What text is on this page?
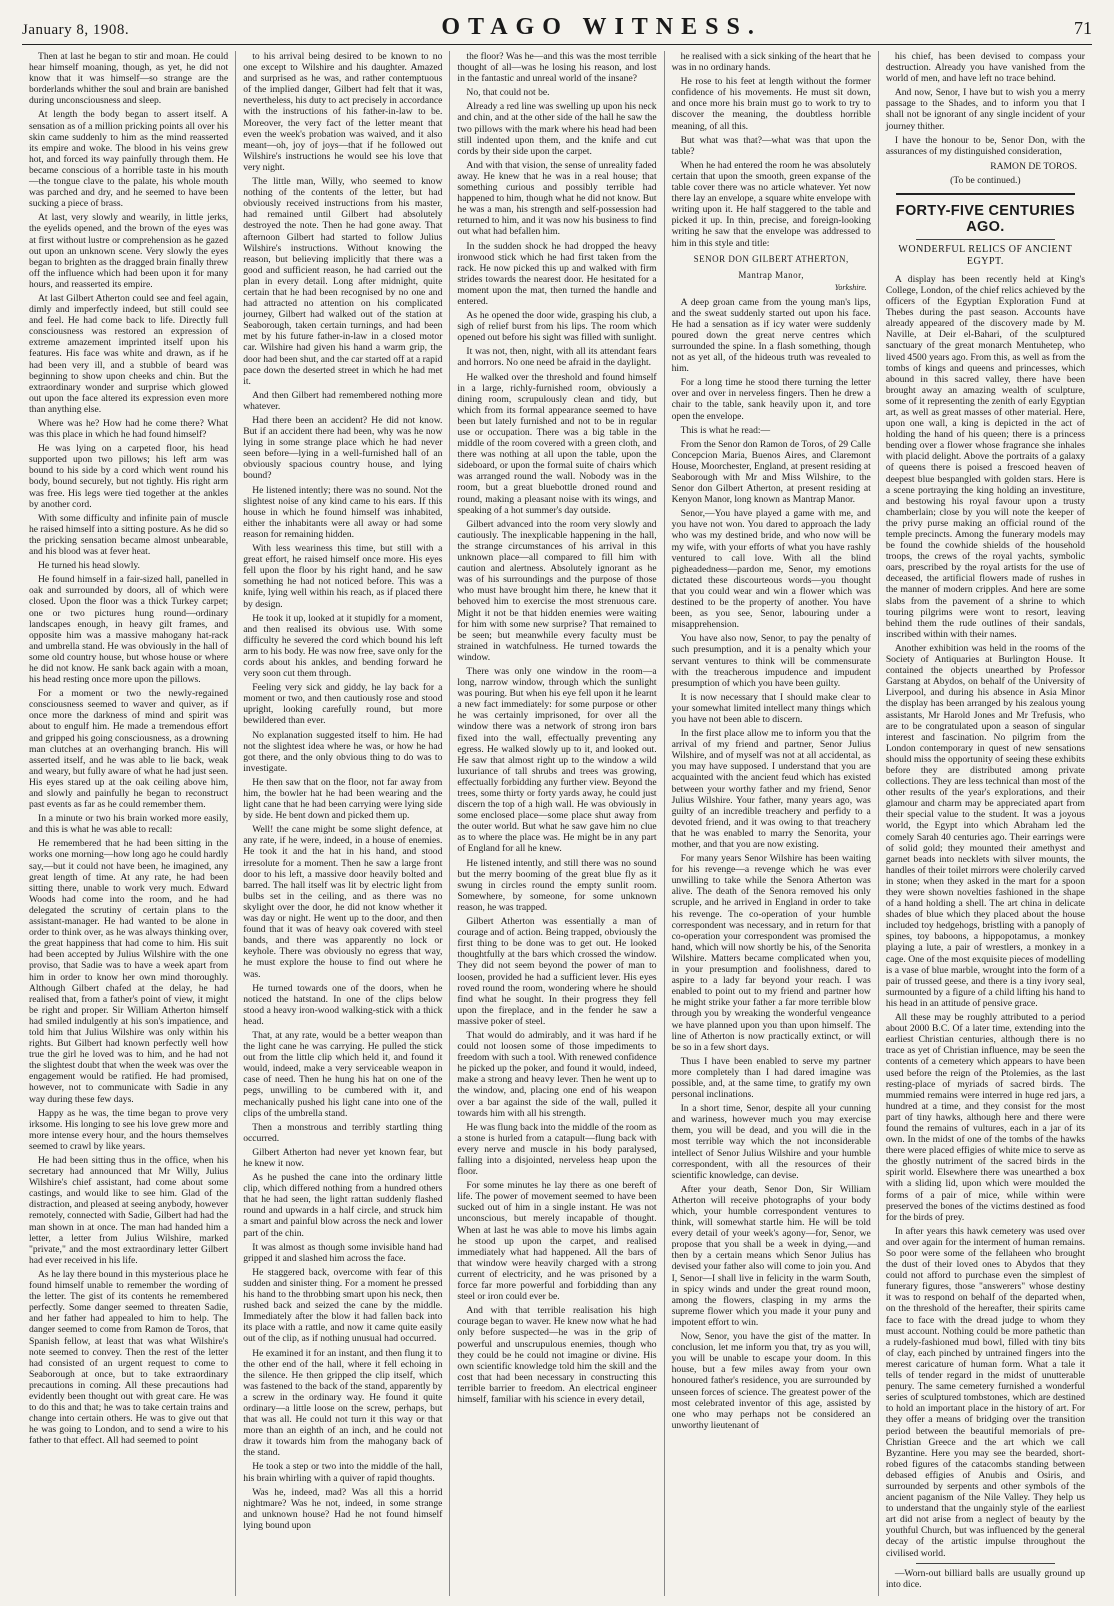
January 8, 1908.	OTAGO WITNESS.	71

Then at last he began to stir and moan. He could hear himself moaning, though, as yet, he did not know that it was himself—so strange are the borderlands whither the soul and brain are banished during unconsciousness and sleep.

At length the body began to assert itself. A sensation as of a million pricking points all over his skin came suddenly to him as the mind reasserted its empire and woke. The blood in his veins grew hot, and forced its way painfully through them. He became conscious of a horrible taste in his mouth—the tongue clave to the palate, his whole mouth was parched and dry, and he seemed to have been sucking a piece of brass.

At last, very slowly and wearily, in little jerks, the eyelids opened, and the brown of the eyes was at first without lustre or comprehension as he gazed out upon an unknown scene. Very slowly the eyes began to brighten as the dragged brain finally threw off the influence which had been upon it for many hours, and reasserted its empire.

At last Gilbert Atherton could see and feel again, dimly and imperfectly indeed, but still could see and feel. He had come back to life. Directly full consciousness was restored an expression of extreme amazement imprinted itself upon his features. His face was white and drawn, as if he had been very ill, and a stubble of beard was beginning to show upon cheeks and chin. But the extraordinary wonder and surprise which glowed out upon the face altered its expression even more than anything else.

Where was he? How had he come there? What was this place in which he had found himself?

He was lying on a carpeted floor, his head supported upon two pillows; his left arm was bound to his side by a cord which went round his body, bound securely, but not tightly. His right arm was free. His legs were tied together at the ankles by another cord.

With some difficulty and infinite pain of muscle he raised himself into a sitting posture. As he did so the pricking sensation became almost unbearable, and his blood was at fever heat.

He turned his head slowly.

He found himself in a fair-sized hall, panelled in oak and surrounded by doors, all of which were closed. Upon the floor was a thick Turkey carpet; one or two pictures hung round—ordinary landscapes enough, in heavy gilt frames, and opposite him was a massive mahogany hat-rack and umbrella stand. He was obviously in the hall of some old country house, but whose house or where he did not know. He sank back again with a moan, his head resting once more upon the pillows.

For a moment or two the newly-regained consciousness seemed to waver and quiver, as if once more the darkness of mind and spirit was about to engulf him. He made a tremendous effort and gripped his going consciousness, as a drowning man clutches at an overhanging branch. His will asserted itself, and he was able to lie back, weak and weary, but fully aware of what he had just seen. His eyes stared up at the oak ceiling above him, and slowly and painfully he began to reconstruct past events as far as he could remember them.

In a minute or two his brain worked more easily, and this is what he was able to recall:

He remembered that he had been sitting in the works one morning—how long ago he could hardly say,—but it could not have been, he imagined, any great length of time. At any rate, he had been sitting there, unable to work very much. Edward Woods had come into the room, and he had delegated the scrutiny of certain plans to the assistant-manager. He had wanted to be alone in order to think over, as he was always thinking over, the great happiness that had come to him. His suit had been accepted by Julius Wilshire with the one proviso, that Sadie was to have a week apart from him in order to know her own mind thoroughly. Although Gilbert chafed at the delay, he had realised that, from a father's point of view, it might be right and proper. Sir William Atherton himself had smiled indulgently at his son's impatience, and told him that Julius Wilshire was only within his rights. But Gilbert had known perfectly well how true the girl he loved was to him, and he had not the slightest doubt that when the week was over the engagement would be ratified. He had promised, however, not to communicate with Sadie in any way during these few days.

Happy as he was, the time began to prove very irksome. His longing to see his love grew more and more intense every hour, and the hours themselves seemed to crawl by like years.

He had been sitting thus in the office, when his secretary had announced that Mr Willy, Julius Wilshire's chief assistant, had come about some castings, and would like to see him. Glad of the distraction, and pleased at seeing anybody, however remotely, connected with Sadie, Gilbert had had the man shown in at once. The man had handed him a letter, a letter from Julius Wilshire, marked "private," and the most extraordinary letter Gilbert had ever received in his life.

As he lay there bound in this mysterious place he found himself unable to remember the wording of the letter. The gist of its contents he remembered perfectly. Some danger seemed to threaten Sadie, and her father had appealed to him to help. The danger seemed to come from Ramon de Toros, that Spanish fellow, at least that was what Wilshire's note seemed to convey. Then the rest of the letter had consisted of an urgent request to come to Seaborough at once, but to take extraordinary precautions in coming. All these precautions had evidently been thought out with great care. He was to do this and that; he was to take certain trains and change into certain others. He was to give out that he was going to London, and to send a wire to his father to that effect. All had seemed to point

to his arrival being desired to be known to no one except to Wilshire and his daughter. Amazed and surprised as he was, and rather contemptuous of the implied danger, Gilbert had felt that it was, nevertheless, his duty to act precisely in accordance with the instructions of his father-in-law to be. Moreover, the very fact of the letter meant that even the week's probation was waived, and it also meant—oh, joy of joys—that if he followed out Wilshire's instructions he would see his love that very night.

The little man, Willy, who seemed to know nothing of the contents of the letter, but had obviously received instructions from his master, had remained until Gilbert had absolutely destroyed the note. Then he had gone away. That afternoon Gilbert had started to follow Julius Wilshire's instructions. Without knowing the reason, but believing implicitly that there was a good and sufficient reason, he had carried out the plan in every detail. Long after midnight, quite certain that he had been recognised by no one and had attracted no attention on his complicated journey, Gilbert had walked out of the station at Seaborough, taken certain turnings, and had been met by his future father-in-law in a closed motor car. Wilshire had given his hand a warm grip, the door had been shut, and the car started off at a rapid pace down the deserted street in which he had met it.

And then Gilbert had remembered nothing more whatever.

Had there been an accident? He did not know. But if an accident there had been, why was he now lying in some strange place which he had never seen before—lying in a well-furnished hall of an obviously spacious country house, and lying bound?

He listened intently; there was no sound. Not the slightest noise of any kind came to his ears. If this house in which he found himself was inhabited, either the inhabitants were all away or had some reason for remaining hidden.

With less weariness this time, but still with a great effort, he raised himself once more. His eyes fell upon the floor by his right hand, and he saw something he had not noticed before. This was a knife, lying well within his reach, as if placed there by design.

He took it up, looked at it stupidly for a moment, and then realised its obvious use. With some difficulty he severed the cord which bound his left arm to his body. He was now free, save only for the cords about his ankles, and bending forward he very soon cut them through.

Feeling very sick and giddy, he lay back for a moment or two, and then cautiously rose and stood upright, looking carefully round, but more bewildered than ever.

No explanation suggested itself to him. He had not the slightest idea where he was, or how he had got there, and the only obvious thing to do was to investigate.

He then saw that on the floor, not far away from him, the bowler hat he had been wearing and the light cane that he had been carrying were lying side by side. He bent down and picked them up.

Well! the cane might be some slight defence, at any rate, if he were, indeed, in a house of enemies. He took it and the hat in his hand, and stood irresolute for a moment. Then he saw a large front door to his left, a massive door heavily bolted and barred. The hall itself was lit by electric light from bulbs set in the ceiling, and as there was no skylight over the door, he did not know whether it was day or night. He went up to the door, and then found that it was of heavy oak covered with steel bands, and there was apparently no lock or keyhole. There was obviously no egress that way, he must explore the house to find out where he was.

He turned towards one of the doors, when he noticed the hatstand. In one of the clips below stood a heavy iron-wood walking-stick with a thick head.

That, at any rate, would be a better weapon than the light cane he was carrying. He pulled the stick out from the little clip which held it, and found it would, indeed, make a very serviceable weapon in case of need. Then he hung his hat on one of the pegs, unwilling to be cumbered with it, and mechanically pushed his light cane into one of the clips of the umbrella stand.

Then a monstrous and terribly startling thing occurred.

Gilbert Atherton had never yet known fear, but he knew it now.

As he pushed the cane into the ordinary little clip, which differed nothing from a hundred others that he had seen, the light rattan suddenly flashed round and upwards in a half circle, and struck him a smart and painful blow across the neck and lower part of the chin.

It was almost as though some invisible hand had gripped it and slashed him across the face.

He staggered back, overcome with fear of this sudden and sinister thing. For a moment he pressed his hand to the throbbing smart upon his neck, then rushed back and seized the cane by the middle. Immediately after the blow it had fallen back into its place with a rattle, and now it came quite easily out of the clip, as if nothing unusual had occurred.

He examined it for an instant, and then flung it to the other end of the hall, where it fell echoing in the silence. He then gripped the clip itself, which was fastened to the back of the stand, apparently by a screw in the ordinary way. He found it quite ordinary—a little loose on the screw, perhaps, but that was all. He could not turn it this way or that more than an eighth of an inch, and he could not draw it towards him from the mahogany back of the stand.

He took a step or two into the middle of the hall, his brain whirling with a quiver of rapid thoughts.

Was he, indeed, mad? Was all this a horrid nightmare? Was he not, indeed, in some strange and unknown house? Had he not found himself lying bound upon

the floor? Was he—and this was the most terrible thought of all—was he losing his reason, and lost in the fantastic and unreal world of the insane?

No, that could not be.

Already a red line was swelling up upon his neck and chin, and at the other side of the hall he saw the two pillows with the mark where his head had been still indented upon them, and the knife and cut cords by their side upon the carpet.

And with that vision, the sense of unreality faded away. He knew that he was in a real house; that something curious and possibly terrible had happened to him, though what he did not know. But he was a man, his strength and self-possession had returned to him, and it was now his business to find out what had befallen him.

In the sudden shock he had dropped the heavy ironwood stick which he had first taken from the rack. He now picked this up and walked with firm strides towards the nearest door. He hesitated for a moment upon the mat, then turned the handle and entered.

As he opened the door wide, grasping his club, a sigh of relief burst from his lips. The room which opened out before his sight was filled with sunlight.

It was not, then, night, with all its attendant fears and horrors. No one need be afraid in the daylight.

He walked over the threshold and found himself in a large, richly-furnished room, obviously a dining room, scrupulously clean and tidy, but which from its formal appearance seemed to have been but lately furnished and not to be in regular use or occupation. There was a big table in the middle of the room covered with a green cloth, and there was nothing at all upon the table, upon the sideboard, or upon the formal suite of chairs which was arranged round the wall. Nobody was in the room, but a great bluebottle droned round and round, making a pleasant noise with its wings, and speaking of a hot summer's day outside.

Gilbert advanced into the room very slowly and cautiously. The inexplicable happening in the hall, the strange circumstances of his arrival in this unknown place—all compared to fill him with caution and alertness. Absolutely ignorant as he was of his surroundings and the purpose of those who must have brought him there, he knew that it behoved him to exercise the most strenuous care. Might it not be that hidden enemies were waiting for him with some new surprise? That remained to be seen; but meanwhile every faculty must be strained in watchfulness. He turned towards the window.

There was only one window in the room—a long, narrow window, through which the sunlight was pouring. But when his eye fell upon it he learnt a new fact immediately: for some purpose or other he was certainly imprisoned, for over all the window there was a network of strong iron bars fixed into the wall, effectually preventing any egress. He walked slowly up to it, and looked out. He saw that almost right up to the window a wild luxuriance of tall shrubs and trees was growing, effectually forbidding any further view. Beyond the trees, some thirty or forty yards away, he could just discern the top of a high wall. He was obviously in some enclosed place—some place shut away from the outer world. But what he saw gave him no clue as to where the place was. He might be in any part of England for all he knew.

He listened intently, and still there was no sound but the merry booming of the great blue fly as it swung in circles round the empty sunlit room. Somewhere, by someone, for some unknown reason, he was trapped.

Gilbert Atherton was essentially a man of courage and of action. Being trapped, obviously the first thing to be done was to get out. He looked thoughtfully at the bars which crossed the window. They did not seem beyond the power of man to loosen, provided he had a sufficient lever. His eyes roved round the room, wondering where he should find what he sought. In their progress they fell upon the fireplace, and in the fender he saw a massive poker of steel.

That would do admirably, and it was hard if he could not loosen some of those impediments to freedom with such a tool. With renewed confidence he picked up the poker, and found it would, indeed, make a strong and heavy lever. Then he went up to the window, and, placing one end of his weapon over a bar against the side of the wall, pulled it towards him with all his strength.

He was flung back into the middle of the room as a stone is hurled from a catapult—flung back with every nerve and muscle in his body paralysed, falling into a disjointed, nerveless heap upon the floor.

For some minutes he lay there as one bereft of life. The power of movement seemed to have been sucked out of him in a single instant. He was not unconscious, but merely incapable of thought. When at last he was able to move his limbs again he stood up upon the carpet, and realised immediately what had happened. All the bars of that window were heavily charged with a strong current of electricity, and he was prisoned by a force far more powerful and forbidding than any steel or iron could ever be.

And with that terrible realisation his high courage began to waver. He knew now what he had only before suspected—he was in the grip of powerful and unscrupulous enemies, though who they could be he could not imagine or divine. His own scientific knowledge told him the skill and the cost that had been necessary in constructing this terrible barrier to freedom. An electrical engineer himself, familiar with his science in every detail,

he realised with a sick sinking of the heart that he was in no ordinary hands.

He rose to his feet at length without the former confidence of his movements. He must sit down, and once more his brain must go to work to try to discover the meaning, the doubtless horrible meaning, of all this.

But what was that?—what was that upon the table?

When he had entered the room he was absolutely certain that upon the smooth, green expanse of the table cover there was no article whatever. Yet now there lay an envelope, a square white envelope with writing upon it. He half staggered to the table and picked it up. In thin, precise, and foreign-looking writing he saw that the envelope was addressed to him in this style and title:

SENOR DON GILBERT ATHERTON,
Mantrap Manor,
Yorkshire.

A deep groan came from the young man's lips, and the sweat suddenly started out upon his face. He had a sensation as if icy water were suddenly poured down the great nerve centres which surrounded the spine. In a flash something, though not as yet all, of the hideous truth was revealed to him.

For a long time he stood there turning the letter over and over in nerveless fingers. Then he drew a chair to the table, sank heavily upon it, and tore open the envelope.

This is what he read:—

From the Senor don Ramon de Toros, of 29 Calle Concepcion Maria, Buenos Aires, and Claremont House, Moorchester, England, at present residing at Seaborough with Mr and Miss Wilshire, to the Senor don Gilbert Atherton, at present residing at Kenyon Manor, long known as Mantrap Manor.

Senor,—You have played a game with me, and you have not won. You dared to approach the lady who was my destined bride, and who now will be my wife, with your efforts of what you have rashly ventured to call love. With all the blind pigheadedness—pardon me, Senor, my emotions dictated these discourteous words—you thought that you could wear and win a flower which was destined to be the property of another. You have been, as you see, Senor, labouring under a misapprehension.

You have also now, Senor, to pay the penalty of such presumption, and it is a penalty which your servant ventures to think will be commensurate with the treacherous impudence and impudent presumption of which you have been guilty.

It is now necessary that I should make clear to your somewhat limited intellect many things which you have not been able to discern.

In the first place allow me to inform you that the arrival of my friend and partner, Senor Julius Wilshire, and of myself was not at all accidental, as you may have supposed. I understand that you are acquainted with the ancient feud which has existed between your worthy father and my friend, Senor Julius Wilshire. Your father, many years ago, was guilty of an incredible treachery and perfidy to a devoted friend, and it was owing to that treachery that he was enabled to marry the Senorita, your mother, and that you are now existing.

For many years Senor Wilshire has been waiting for his revenge—a revenge which he was ever unwilling to take while the Senora Atherton was alive. The death of the Senora removed his only scruple, and he arrived in England in order to take his revenge. The co-operation of your humble correspondent was necessary, and in return for that co-operation your correspondent was promised the hand, which will now shortly be his, of the Senorita Wilshire. Matters became complicated when you, in your presumption and foolishness, dared to aspire to a lady far beyond your reach. I was enabled to point out to my friend and partner how he might strike your father a far more terrible blow through you by wreaking the wonderful vengeance we have planned upon you than upon himself. The line of Atherton is now practically extinct, or will be so in a few short days.

Thus I have been enabled to serve my partner more completely than I had dared imagine was possible, and, at the same time, to gratify my own personal inclinations.

In a short time, Senor, despite all your cunning and wariness, however much you may exercise them, you will be dead, and you will die in the most terrible way which the not inconsiderable intellect of Senor Julius Wilshire and your humble correspondent, with all the resources of their scientific knowledge, can devise.

After your death, Senor Don, Sir William Atherton will receive photographs of your body which, your humble correspondent ventures to think, will somewhat startle him. He will be told every detail of your week's agony—for, Senor, we propose that you shall be a week in dying,—and then by a certain means which Senor Julius has devised your father also will come to join you. And I, Senor—I shall live in felicity in the warm South, in spicy winds and under the great round moon, among the flowers, clasping in my arms the supreme flower which you made it your puny and impotent effort to win.

Now, Senor, you have the gist of the matter. In conclusion, let me inform you that, try as you will, you will be unable to escape your doom. In this house, but a few miles away from your own honoured father's residence, you are surrounded by unseen forces of science. The greatest power of the most celebrated inventor of this age, assisted by one who may perhaps not be considered an unworthy lieutenant of

his chief, has been devised to compass your destruction. Already you have vanished from the world of men, and have left no trace behind.

And now, Senor, I have but to wish you a merry passage to the Shades, and to inform you that I shall not be ignorant of any single incident of your journey thither.

I have the honour to be, Senor Don, with the assurances of my distinguished consideration,

RAMON DE TOROS.
(To be continued.)
FORTY-FIVE CENTURIES AGO.
WONDERFUL RELICS OF ANCIENT EGYPT.

A display has been recently held at King's College, London, of the chief relics achieved by the officers of the Egyptian Exploration Fund at Thebes during the past season. Accounts have already appeared of the discovery made by M. Naville, at Deir el-Bahari, of the sculptured sanctuary of the great monarch Mentuhetep, who lived 4500 years ago. From this, as well as from the tombs of kings and queens and princesses, which abound in this sacred valley, there have been brought away an amazing wealth of sculpture, some of it representing the zenith of early Egyptian art, as well as great masses of other material. Here, upon one wall, a king is depicted in the act of holding the hand of his queen; there is a princess bending over a flower whose fragrance she inhales with placid delight. Above the portraits of a galaxy of queens there is poised a frescoed heaven of deepest blue bespangled with golden stars. Here is a scene portraying the king holding an investiture, and bestowing his royal favour upon a trusty chamberlain; close by you will note the keeper of the privy purse making an official round of the temple precincts. Among the funerary models may be found the cowhide shields of the household troops, the crews of the royal yachts, symbolic oars, prescribed by the royal artists for the use of deceased, the artificial flowers made of rushes in the manner of modern cripples. And here are some slabs from the pavement of a shrine to which touring pilgrims were wont to resort, leaving behind them the rude outlines of their sandals, inscribed within with their names.

Another exhibition was held in the rooms of the Society of Antiquaries at Burlington House. It contained the objects unearthed by Professor Garstang at Abydos, on behalf of the University of Liverpool, and during his absence in Asia Minor the display has been arranged by his zealous young assistants, Mr Harold Jones and Mr Trefusis, who are to be congratulated upon a season of singular interest and fascination. No pilgrim from the London contemporary in quest of new sensations should miss the opportunity of seeing these exhibits before they are distributed among private collections. They are less technical than most of the other results of the year's explorations, and their glamour and charm may be appreciated apart from their special value to the student. It was a joyous world, the Egypt into which Abraham led the comely Sarah 40 centuries ago. Their earrings were of solid gold; they mounted their amethyst and garnet beads into necklets with silver mounts, the handles of their toilet mirrors were cholerily carved in stone; when they asked in the mart for a spoon they were shown novelties fashioned in the shape of a hand holding a shell. The art china in delicate shades of blue which they placed about the house included toy hedgehogs, bristling with a panoply of spines, toy baboons, a hippopotamus, a monkey playing a lute, a pair of wrestlers, a monkey in a cage. One of the most exquisite pieces of modelling is a vase of blue marble, wrought into the form of a pair of trussed geese, and there is a tiny ivory seal, surmounted by a figure of a child lifting his hand to his head in an attitude of pensive grace.

All these may be roughly attributed to a period about 2000 B.C. Of a later time, extending into the earliest Christian centuries, although there is no trace as yet of Christian influence, may be seen the contents of a cemetery which appears to have been used before the reign of the Ptolemies, as the last resting-place of myriads of sacred birds. The mummied remains were interred in huge red jars, a hundred at a time, and they consist for the most part of tiny hawks, although here and there were found the remains of vultures, each in a jar of its own. In the midst of one of the tombs of the hawks there were placed effigies of white mice to serve as the ghostly nutriment of the sacred birds in the spirit world. Elsewhere there was unearthed a box with a sliding lid, upon which were moulded the forms of a pair of mice, while within were preserved the bones of the victims destined as food for the birds of prey.

In after years this hawk cemetery was used over and over again for the interment of human remains. So poor were some of the fellaheen who brought the dust of their loved ones to Abydos that they could not afford to purchase even the simplest of funerary figures, those "answerers" whose destiny it was to respond on behalf of the departed when, on the threshold of the hereafter, their spirits came face to face with the dread judge to whom they must account. Nothing could be more pathetic than a rudely-fashioned mud bowl, filled with tiny bits of clay, each pinched by untrained fingers into the merest caricature of human form. What a tale it tells of tender regard in the midst of unutterable penury. The same cemetery furnished a wonderful series of sculptured tombstones, which are destined to hold an important place in the history of art. For they offer a means of bridging over the transition period between the beautiful memorials of pre-Christian Greece and the art which we call Byzantine. Here you may see the bearded, short-robed figures of the catacombs standing between debased effigies of Anubis and Osiris, and surrounded by serpents and other symbols of the ancient paganism of the Nile Valley. They help us to understand that the ungainly style of the earliest art did not arise from a neglect of beauty by the youthful Church, but was influenced by the general decay of the artistic impulse throughout the civilised world.

—Worn-out billiard balls are usually ground up into dice.
